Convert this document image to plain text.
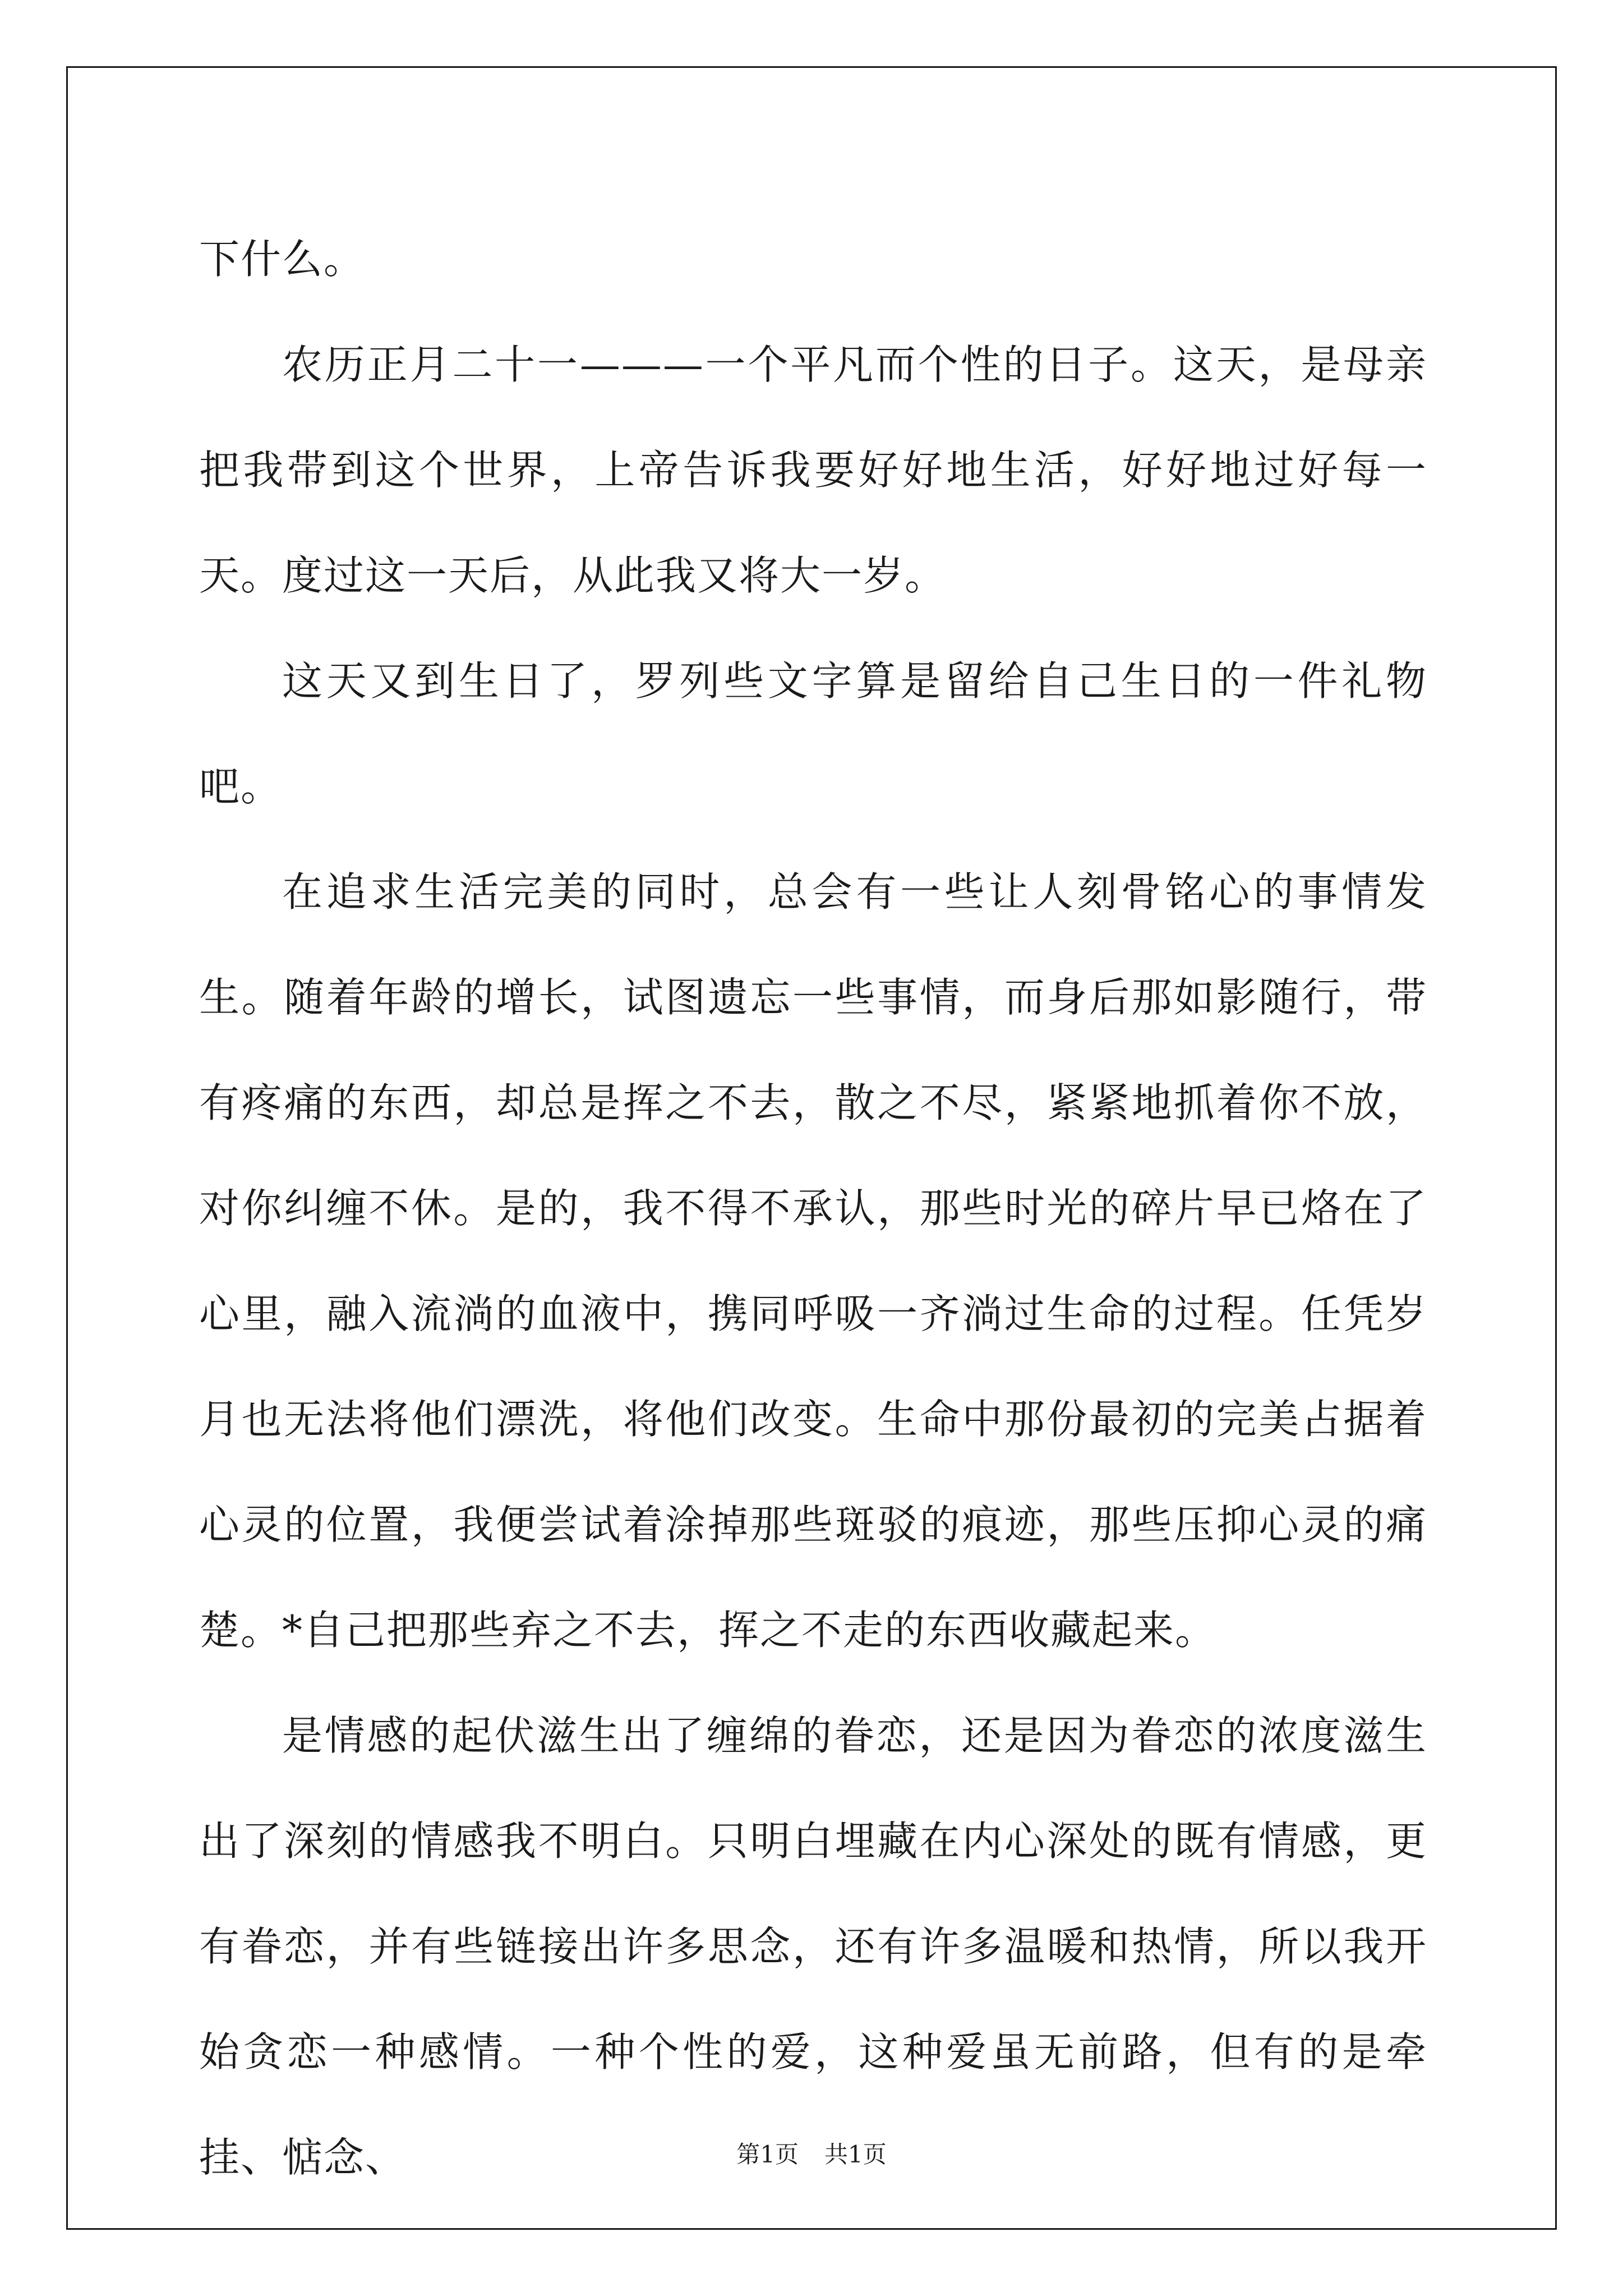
下什么。

农历正月二十一———一个平凡而个性的日子。这天，是母亲把我带到这个世界，上帝告诉我要好好地生活，好好地过好每一天。度过这一天后，从此我又将大一岁。

这天又到生日了，罗列些文字算是留给自己生日的一件礼物吧。

在追求生活完美的同时，总会有一些让人刻骨铭心的事情发生。随着年龄的增长，试图遗忘一些事情，而身后那如影随行，带有疼痛的东西，却总是挥之不去，散之不尽，紧紧地抓着你不放，对你纠缠不休。是的，我不得不承认，那些时光的碎片早已烙在了心里，融入流淌的血液中，携同呼吸一齐淌过生命的过程。任凭岁月也无法将他们漂洗，将他们改变。生命中那份最初的完美占据着心灵的位置，我便尝试着涂掉那些斑驳的痕迹，那些压抑心灵的痛楚。*自己把那些弃之不去，挥之不走的东西收藏起来。

是情感的起伏滋生出了缠绵的眷恋，还是因为眷恋的浓度滋生出了深刻的情感我不明白。只明白埋藏在内心深处的既有情感，更有眷恋，并有些链接出许多思念，还有许多温暖和热情，所以我开始贪恋一种感情。一种个性的爱，这种爱虽无前路，但有的是牵挂、惦念、	第1页 共1页
